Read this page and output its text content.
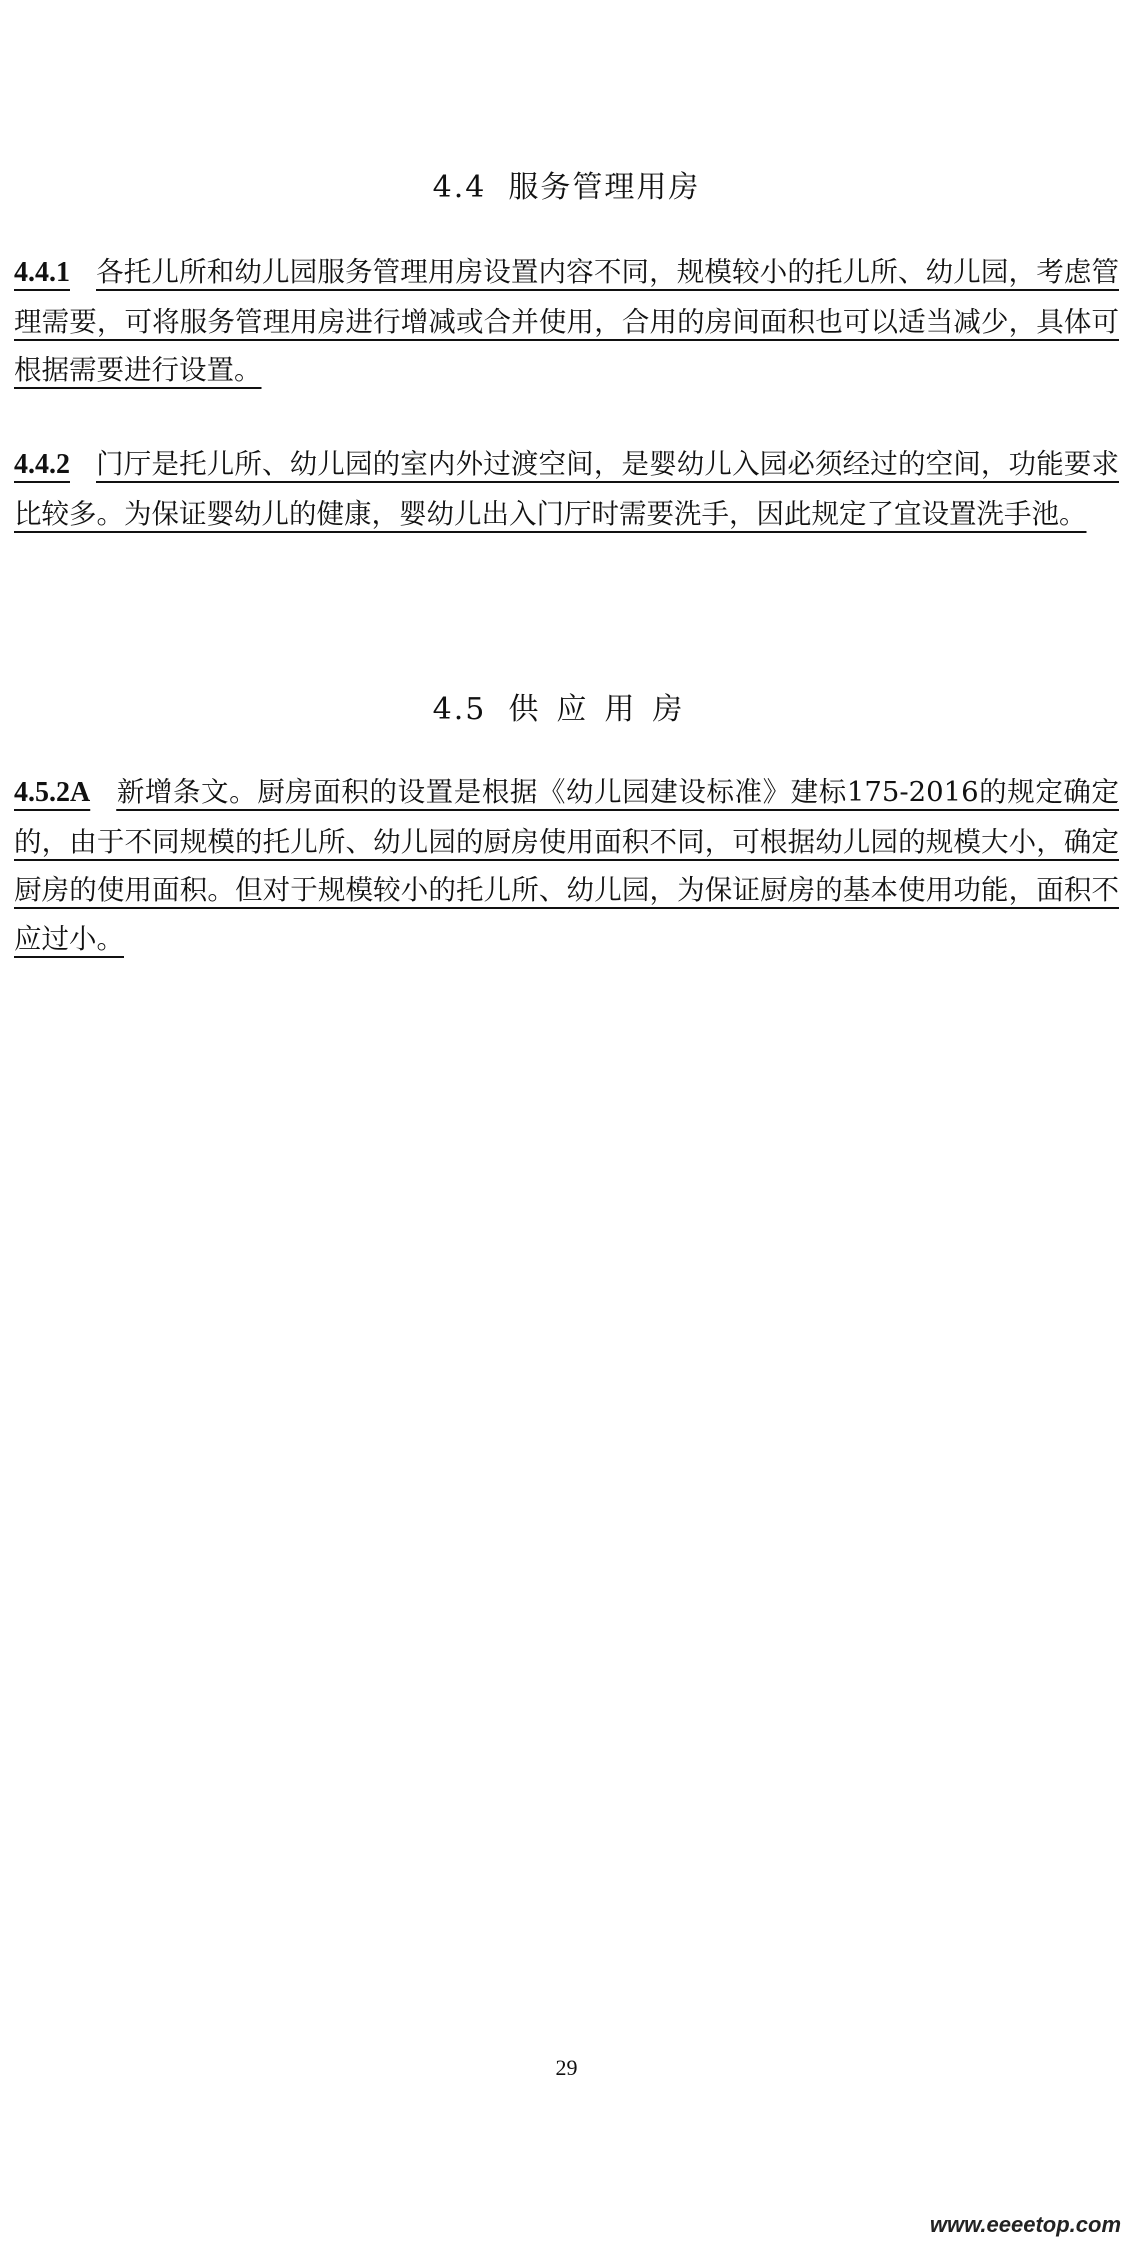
4.4 服务管理用房
4.4.1 各托儿所和幼儿园服务管理用房设置内容不同，规模较小的托儿所、幼儿园，考虑管理需要，可将服务管理用房进行增减或合并使用，合用的房间面积也可以适当减少，具体可根据需要进行设置。
4.4.2 门厅是托儿所、幼儿园的室内外过渡空间，是婴幼儿入园必须经过的空间，功能要求比较多。为保证婴幼儿的健康，婴幼儿出入门厅时需要洗手，因此规定了宜设置洗手池。
4.5 供应用房
4.5.2A 新增条文。厨房面积的设置是根据《幼儿园建设标准》建标175-2016的规定确定的，由于不同规模的托儿所、幼儿园的厨房使用面积不同，可根据幼儿园的规模大小，确定厨房的使用面积。但对于规模较小的托儿所、幼儿园，为保证厨房的基本使用功能，面积不应过小。
29
www.eeeetop.com
